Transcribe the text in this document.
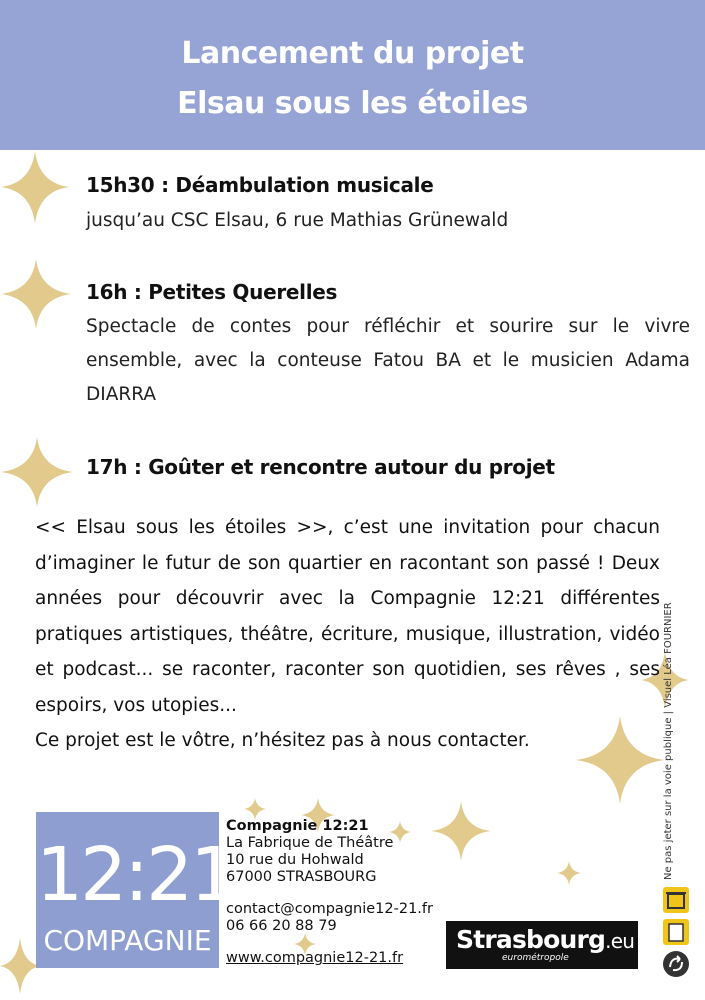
Lancement du projet
Elsau sous les étoiles
15h30 : Déambulation musicale
jusqu’au CSC Elsau, 6 rue Mathias Grünewald
16h : Petites Querelles
Spectacle de contes pour réfléchir et sourire sur le vivre ensemble, avec la conteuse Fatou BA et le musicien Adama DIARRA
17h : Goûter et rencontre autour du projet

<< Elsau sous les étoiles >>, c’est une invitation pour chacun d’imaginer le futur de son quartier en racontant son passé ! Deux années pour découvrir avec la Compagnie 12:21 différentes pratiques artistiques, théâtre, écriture, musique, illustration, vidéo et podcast... se raconter, raconter son quotidien, ses rêves , ses espoirs, vos utopies...

Ce projet est le vôtre, n’hésitez pas à nous contacter.

12:21
COMPAGNIE
Compagnie 12:21
La Fabrique de Théâtre
10 rue du Hohwald
67000 STRASBOURG
contact@compagnie12-21.fr
06 66 20 88 79
www.compagnie12-21.fr
Strasbourg.eu
eurométropole
Ne pas jeter sur la voie publique | Visuel Léa FOURNIER
